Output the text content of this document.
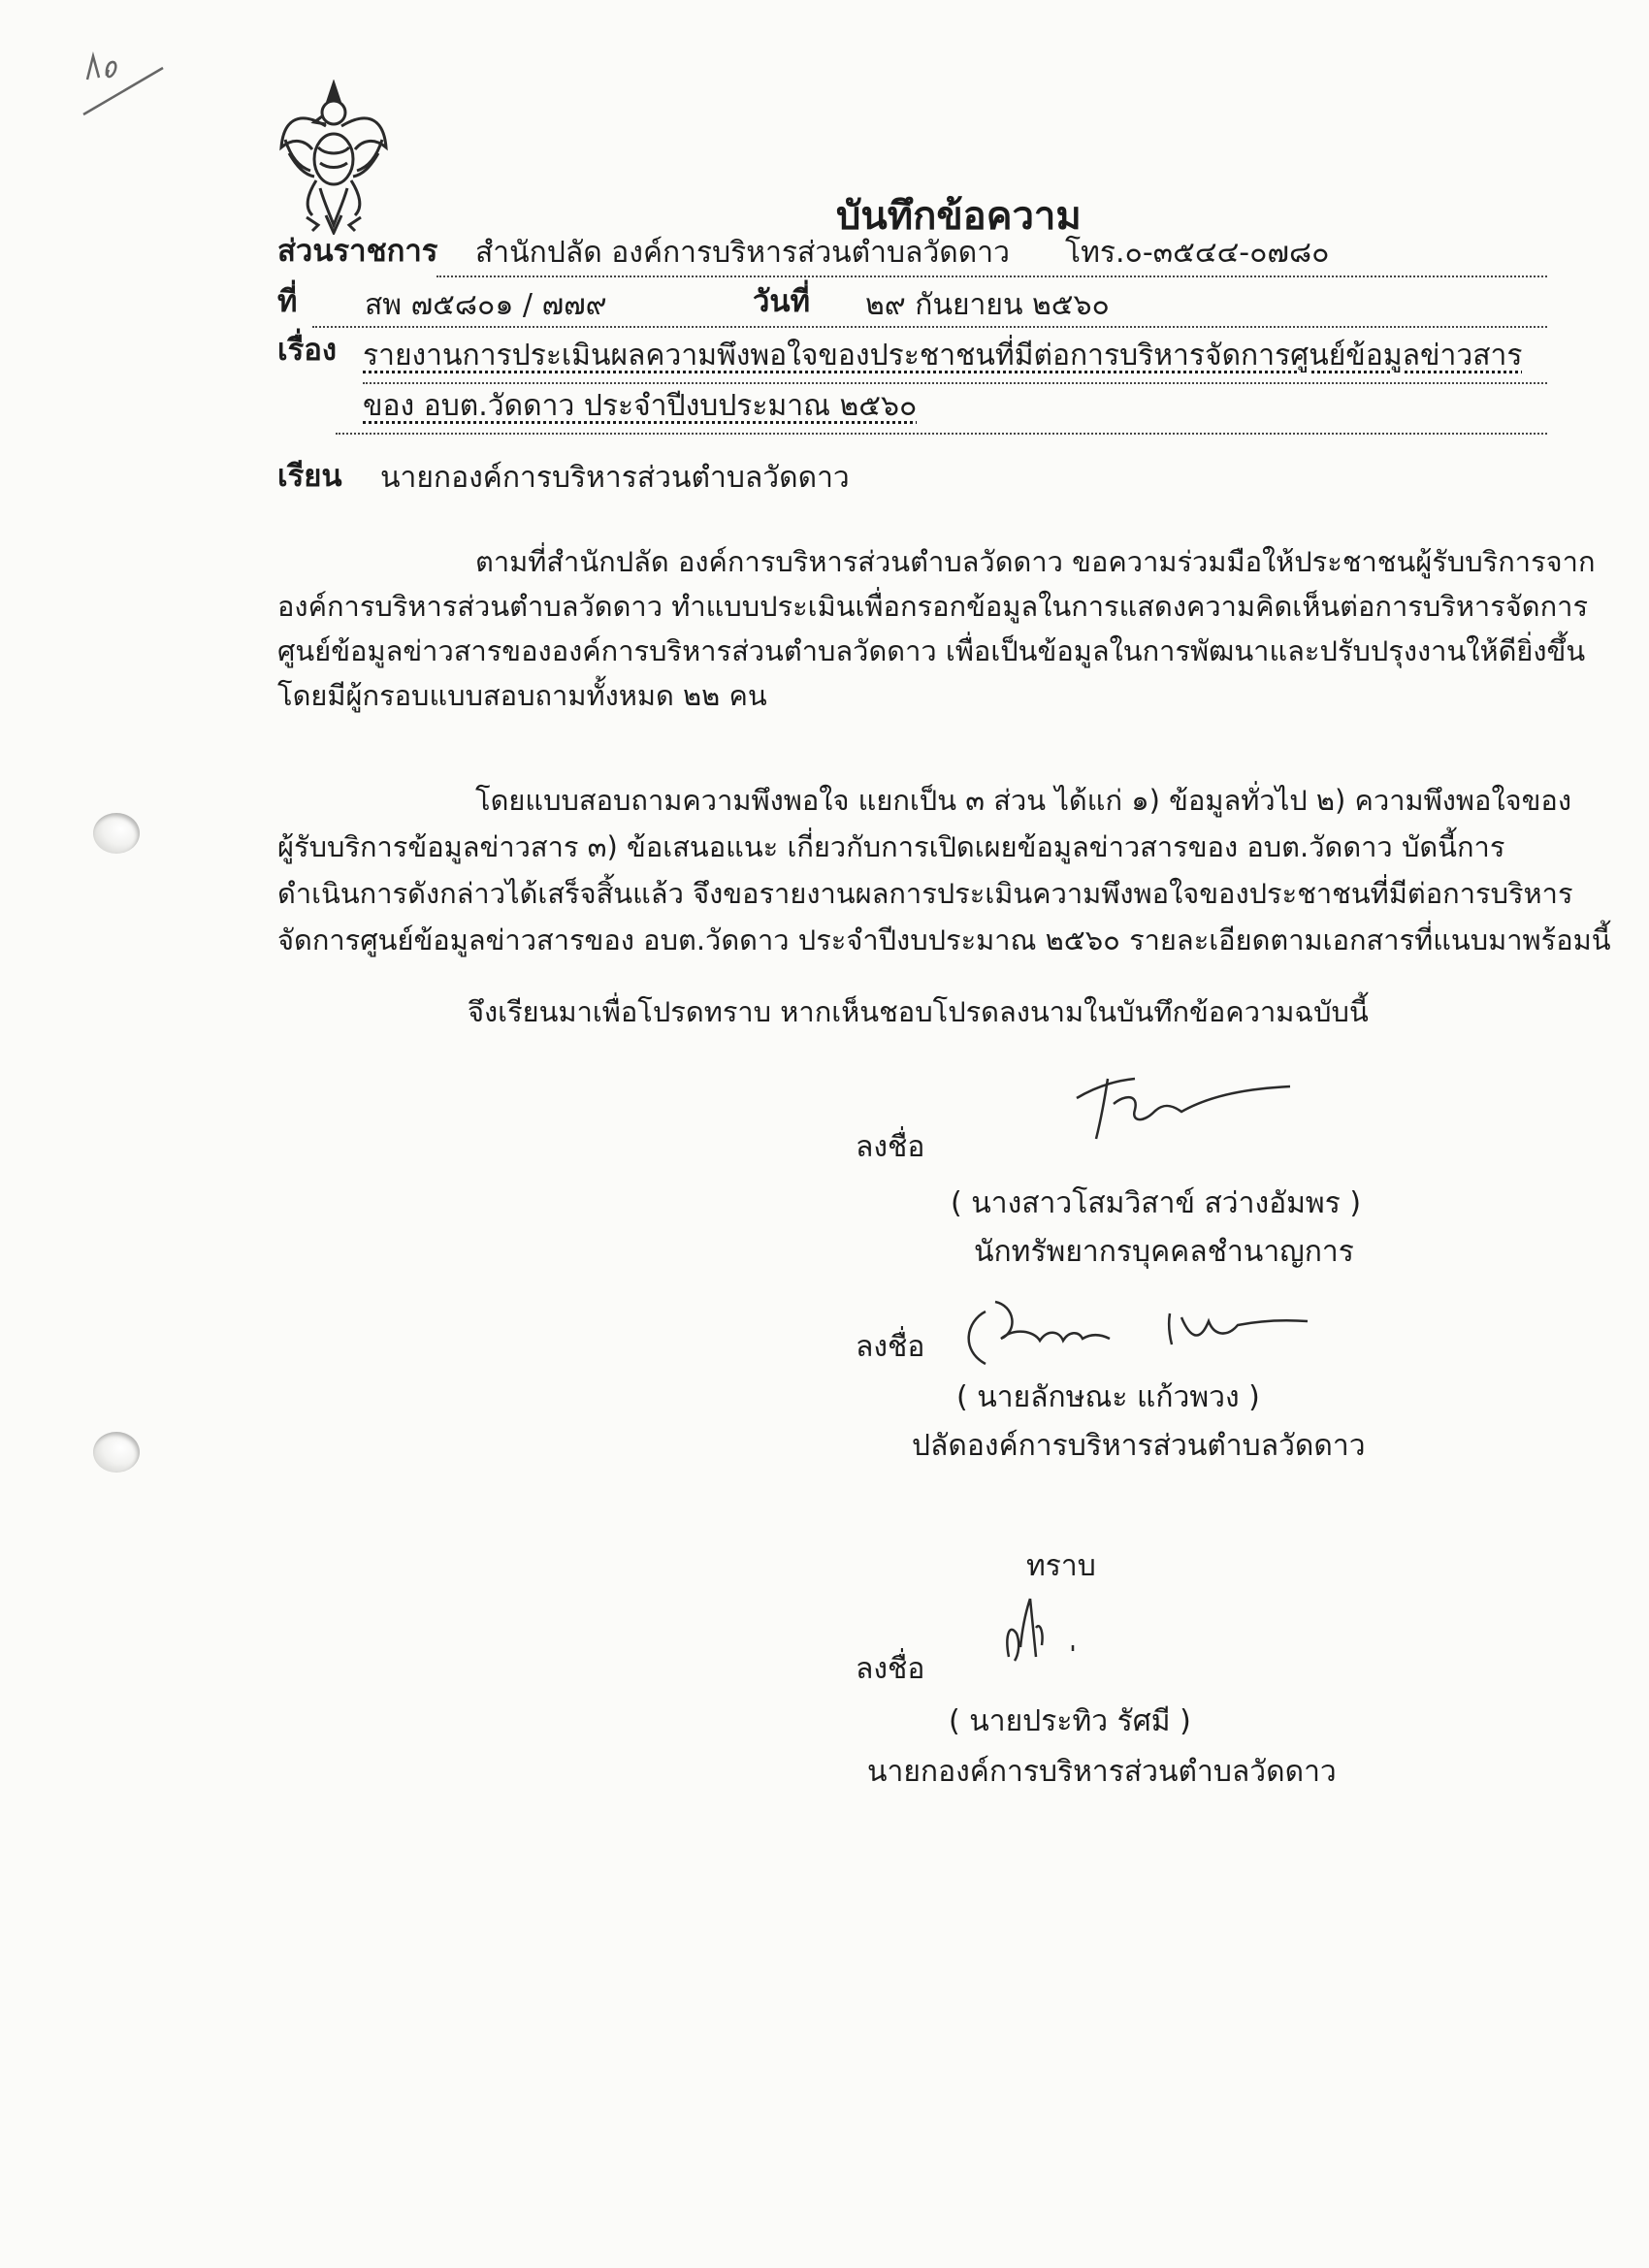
บันทึกข้อความ
ส่วนราชการ สำนักปลัด องค์การบริหารส่วนตำบลวัดดาว โทร.๐-๓๕๔๔-๐๗๘๐
ที่ สพ ๗๕๘๐๑ / ๗๗๙	วันที่ ๒๙ กันยายน ๒๕๖๐
เรื่อง รายงานการประเมินผลความพึงพอใจของประชาชนที่มีต่อการบริหารจัดการศูนย์ข้อมูลข่าวสาร
ของ อบต.วัดดาว ประจำปีงบประมาณ ๒๕๖๐
เรียน นายกองค์การบริหารส่วนตำบลวัดดาว
ตามที่สำนักปลัด องค์การบริหารส่วนตำบลวัดดาว ขอความร่วมมือให้ประชาชนผู้รับบริการจาก
องค์การบริหารส่วนตำบลวัดดาว ทำแบบประเมินเพื่อกรอกข้อมูลในการแสดงความคิดเห็นต่อการบริหารจัดการ
ศูนย์ข้อมูลข่าวสารขององค์การบริหารส่วนตำบลวัดดาว เพื่อเป็นข้อมูลในการพัฒนาและปรับปรุงงานให้ดียิ่งขึ้น
โดยมีผู้กรอบแบบสอบถามทั้งหมด ๒๒ คน
โดยแบบสอบถามความพึงพอใจ แยกเป็น ๓ ส่วน ได้แก่ ๑) ข้อมูลทั่วไป ๒) ความพึงพอใจของ
ผู้รับบริการข้อมูลข่าวสาร ๓) ข้อเสนอแนะ เกี่ยวกับการเปิดเผยข้อมูลข่าวสารของ อบต.วัดดาว บัดนี้การ
ดำเนินการดังกล่าวได้เสร็จสิ้นแล้ว จึงขอรายงานผลการประเมินความพึงพอใจของประชาชนที่มีต่อการบริหาร
จัดการศูนย์ข้อมูลข่าวสารของ อบต.วัดดาว ประจำปีงบประมาณ ๒๕๖๐ รายละเอียดตามเอกสารที่แนบมาพร้อมนี้
จึงเรียนมาเพื่อโปรดทราบ หากเห็นชอบโปรดลงนามในบันทึกข้อความฉบับนี้
ลงชื่อ
( นางสาวโสมวิสาข์ สว่างอัมพร )
นักทรัพยากรบุคคลชำนาญการ
ลงชื่อ
( นายลักษณะ แก้วพวง )
ปลัดองค์การบริหารส่วนตำบลวัดดาว
ทราบ
ลงชื่อ
( นายประทิว รัศมี )
นายกองค์การบริหารส่วนตำบลวัดดาว
